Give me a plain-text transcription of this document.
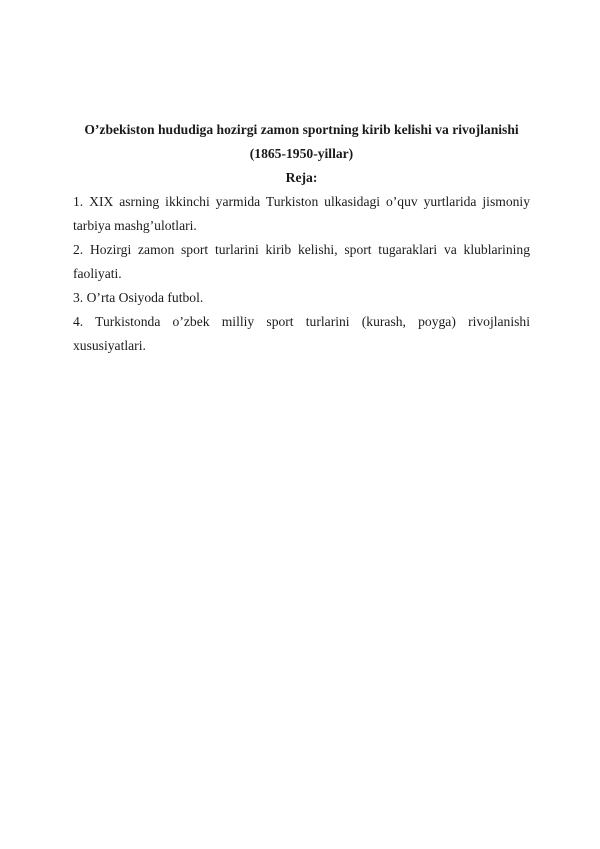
O’zbekiston hududiga hozirgi zamon sportning kirib kelishi va rivojlanishi
(1865-1950-yillar)
Reja:
1. XIX asrning ikkinchi yarmida Turkiston ulkasidagi o’quv yurtlarida jismoniy tarbiya mashg’ulotlari.
2. Hozirgi zamon sport turlarini kirib kelishi, sport tugaraklari va klublarining faoliyati.
3. O’rta Osiyoda futbol.
4. Turkistonda o’zbek milliy sport turlarini (kurash, poyga) rivojlanishi xususiyatlari.
